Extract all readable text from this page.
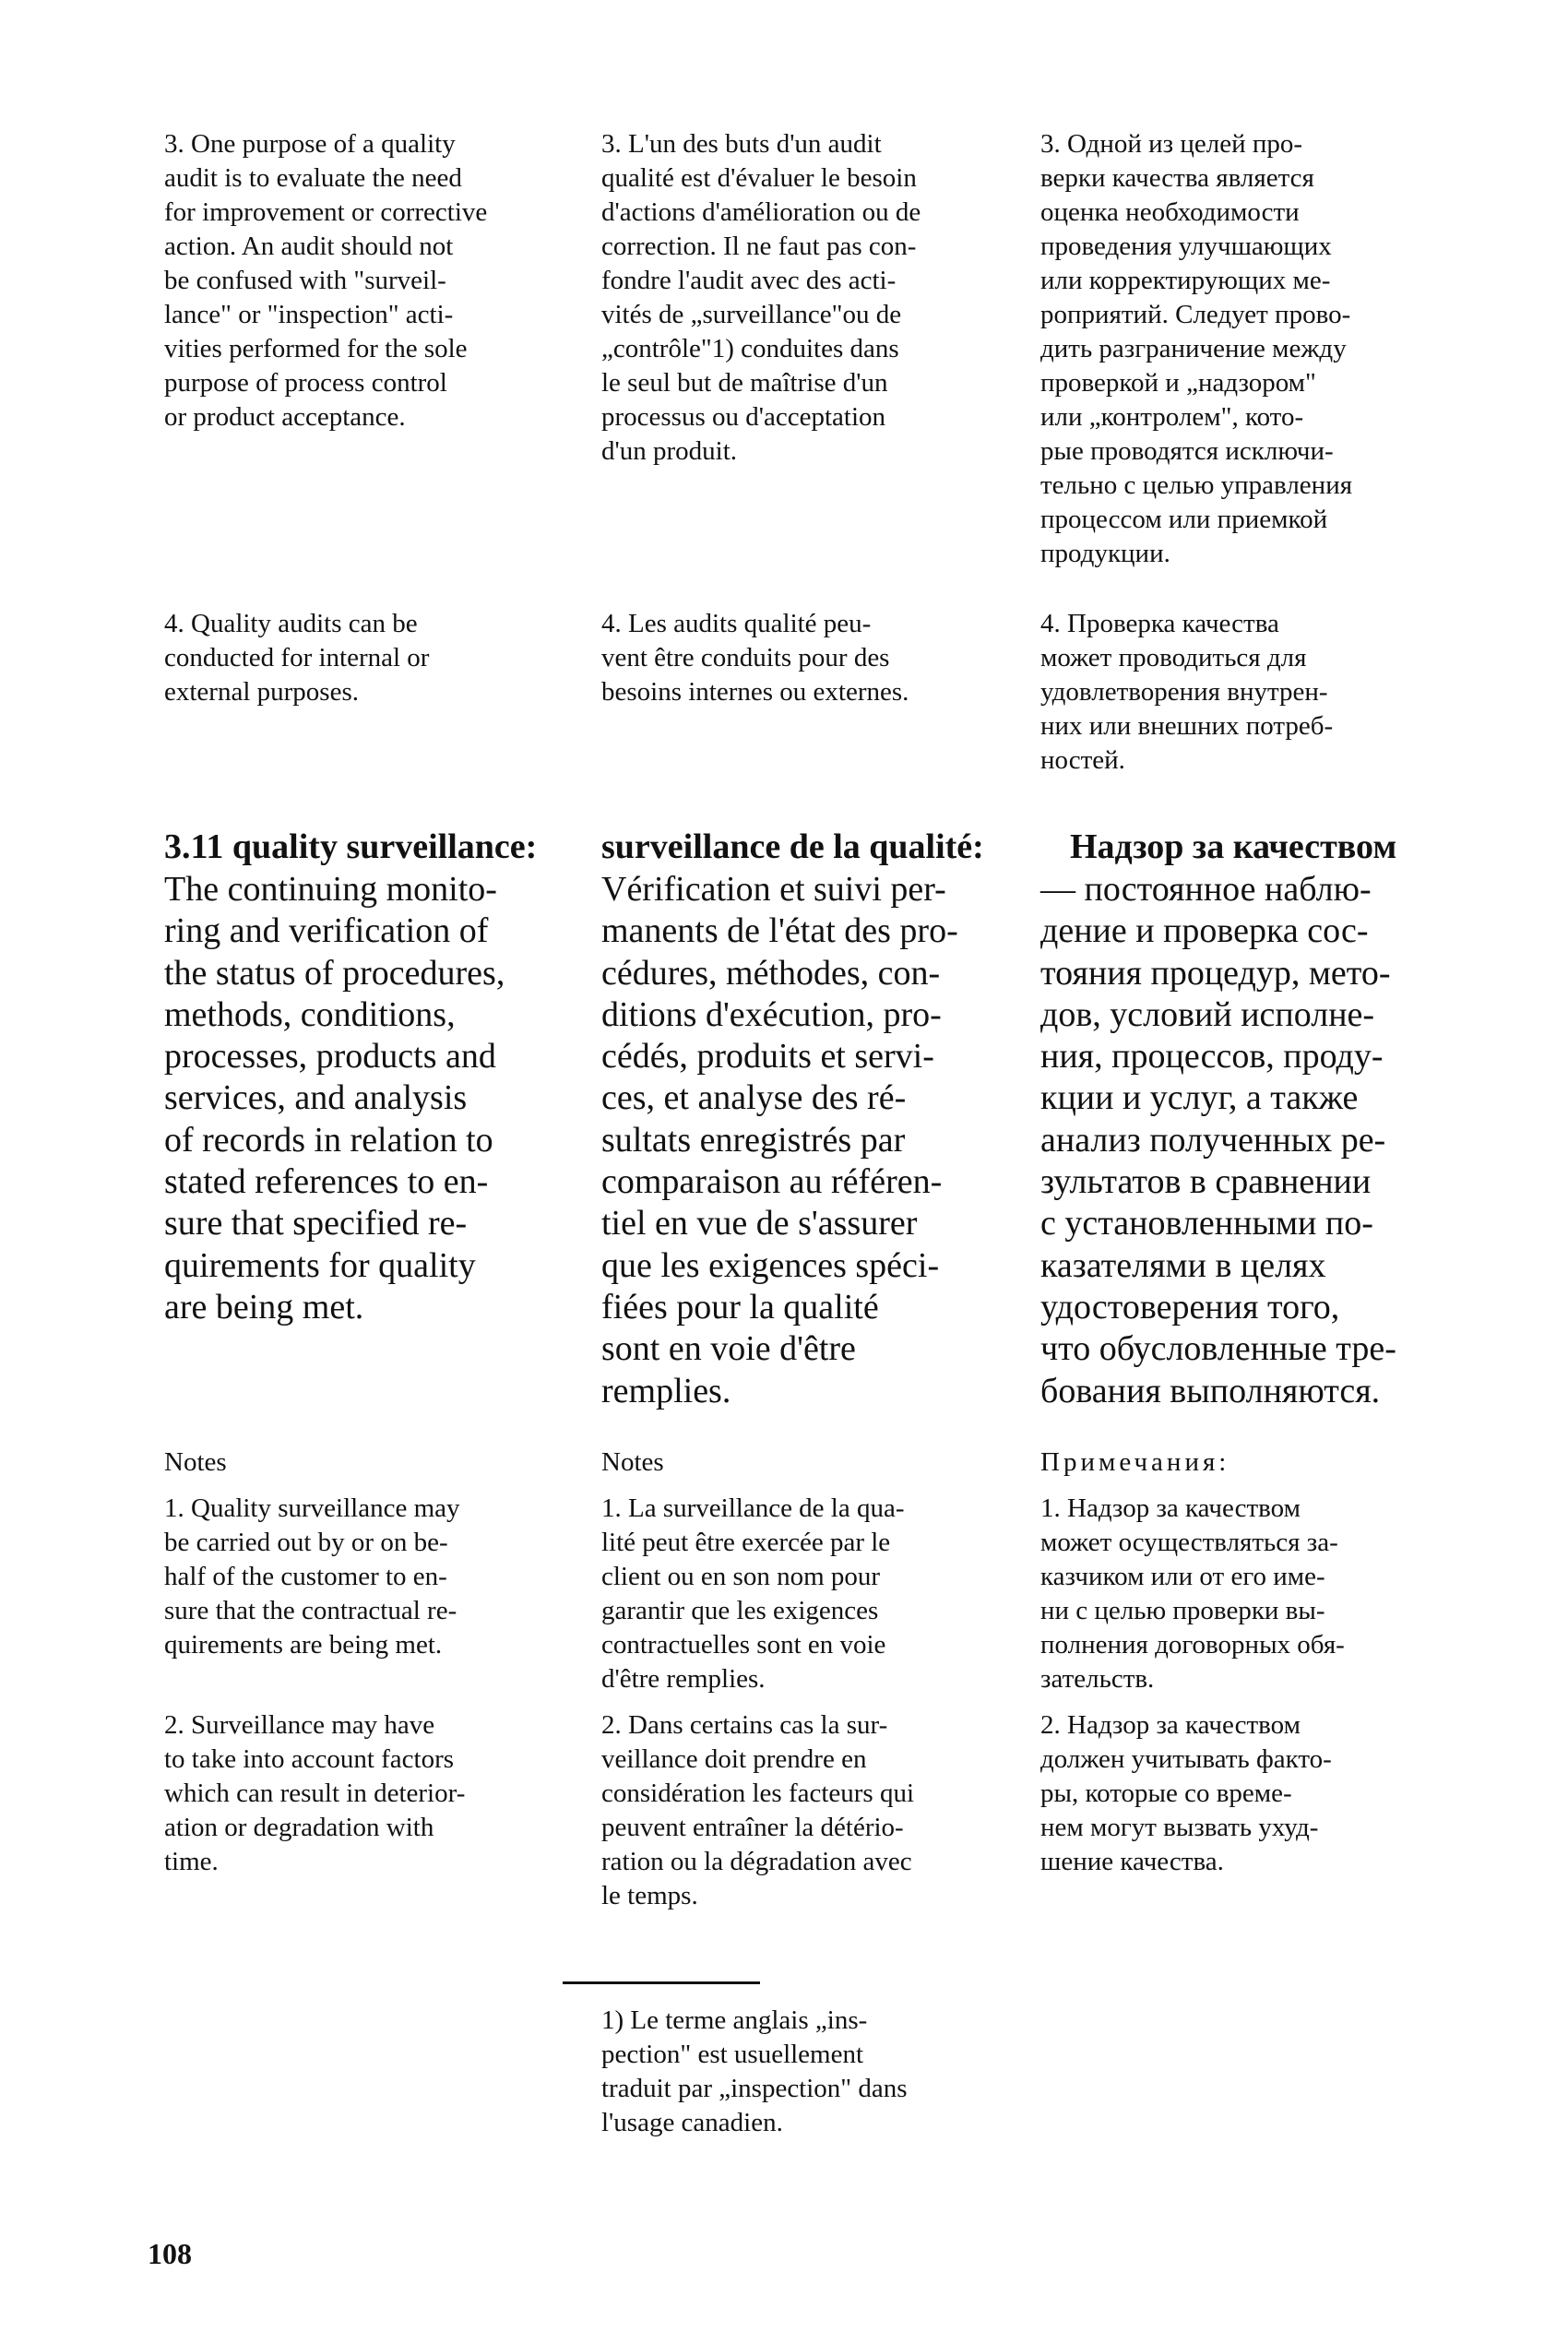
3. One purpose of a quality
audit is to evaluate the need
for improvement or corrective
action. An audit should not
be confused with "surveil-
lance" or "inspection" acti-
vities performed for the sole
purpose of process control
or product acceptance.
4. Quality audits can be
conducted for internal or
external purposes.
3.11 quality surveillance:
The continuing monito-
ring and verification of
the status of procedures,
methods, conditions,
processes, products and
services, and analysis
of records in relation to
stated references to en-
sure that specified re-
quirements for quality
are being met.
Notes
1. Quality surveillance may
be carried out by or on be-
half of the customer to en-
sure that the contractual re-
quirements are being met.
2. Surveillance may have
to take into account factors
which can result in deterior-
ation or degradation with
time.
3. L'un des buts d'un audit
qualité est d'évaluer le besoin
d'actions d'amélioration ou de
correction. Il ne faut pas con-
fondre l'audit avec des acti-
vités de „surveillance"ou de
„contrôle"1) conduites dans
le seul but de maîtrise d'un
processus ou d'acceptation
d'un produit.
4. Les audits qualité peu-
vent être conduits pour des
besoins internes ou externes.
surveillance de la qualité:
Vérification et suivi per-
manents de l'état des pro-
cédures, méthodes, con-
ditions d'exécution, pro-
cédés, produits et servi-
ces, et analyse des ré-
sultats enregistrés par
comparaison au référen-
tiel en vue de s'assurer
que les exigences spéci-
fiées pour la qualité
sont en voie d'être
remplies.
Notes
1. La surveillance de la qua-
lité peut être exercée par le
client ou en son nom pour
garantir que les exigences
contractuelles sont en voie
d'être remplies.
2. Dans certains cas la sur-
veillance doit prendre en
considération les facteurs qui
peuvent entraîner la détério-
ration ou la dégradation avec
le temps.
1) Le terme anglais „ins-
pection" est usuellement
traduit par „inspection" dans
l'usage canadien.
3. Одной из целей про-
верки качества является
оценка необходимости
проведения улучшающих
или корректирующих ме-
роприятий. Следует прово-
дить разграничение между
проверкой и „надзором"
или „контролем", кото-
рые проводятся исключи-
тельно с целью управления
процессом или приемкой
продукции.
4. Проверка качества
может проводиться для
удовлетворения внутрен-
них или внешних потреб-
ностей.
Надзор за качеством
— постоянное наблю-
дение и проверка сос-
тояния процедур, мето-
дов, условий исполне-
ния, процессов, проду-
кции и услуг, а также
анализ полученных ре-
зультатов в сравнении
с установленными по-
казателями в целях
удостоверения того,
что обусловленные тре-
бования выполняются.
Примечания:
1. Надзор за качеством
может осуществляться за-
казчиком или от его име-
ни с целью проверки вы-
полнения договорных обя-
зательств.
2. Надзор за качеством
должен учитывать факто-
ры, которые со време-
нем могут вызвать ухуд-
шение качества.
108
